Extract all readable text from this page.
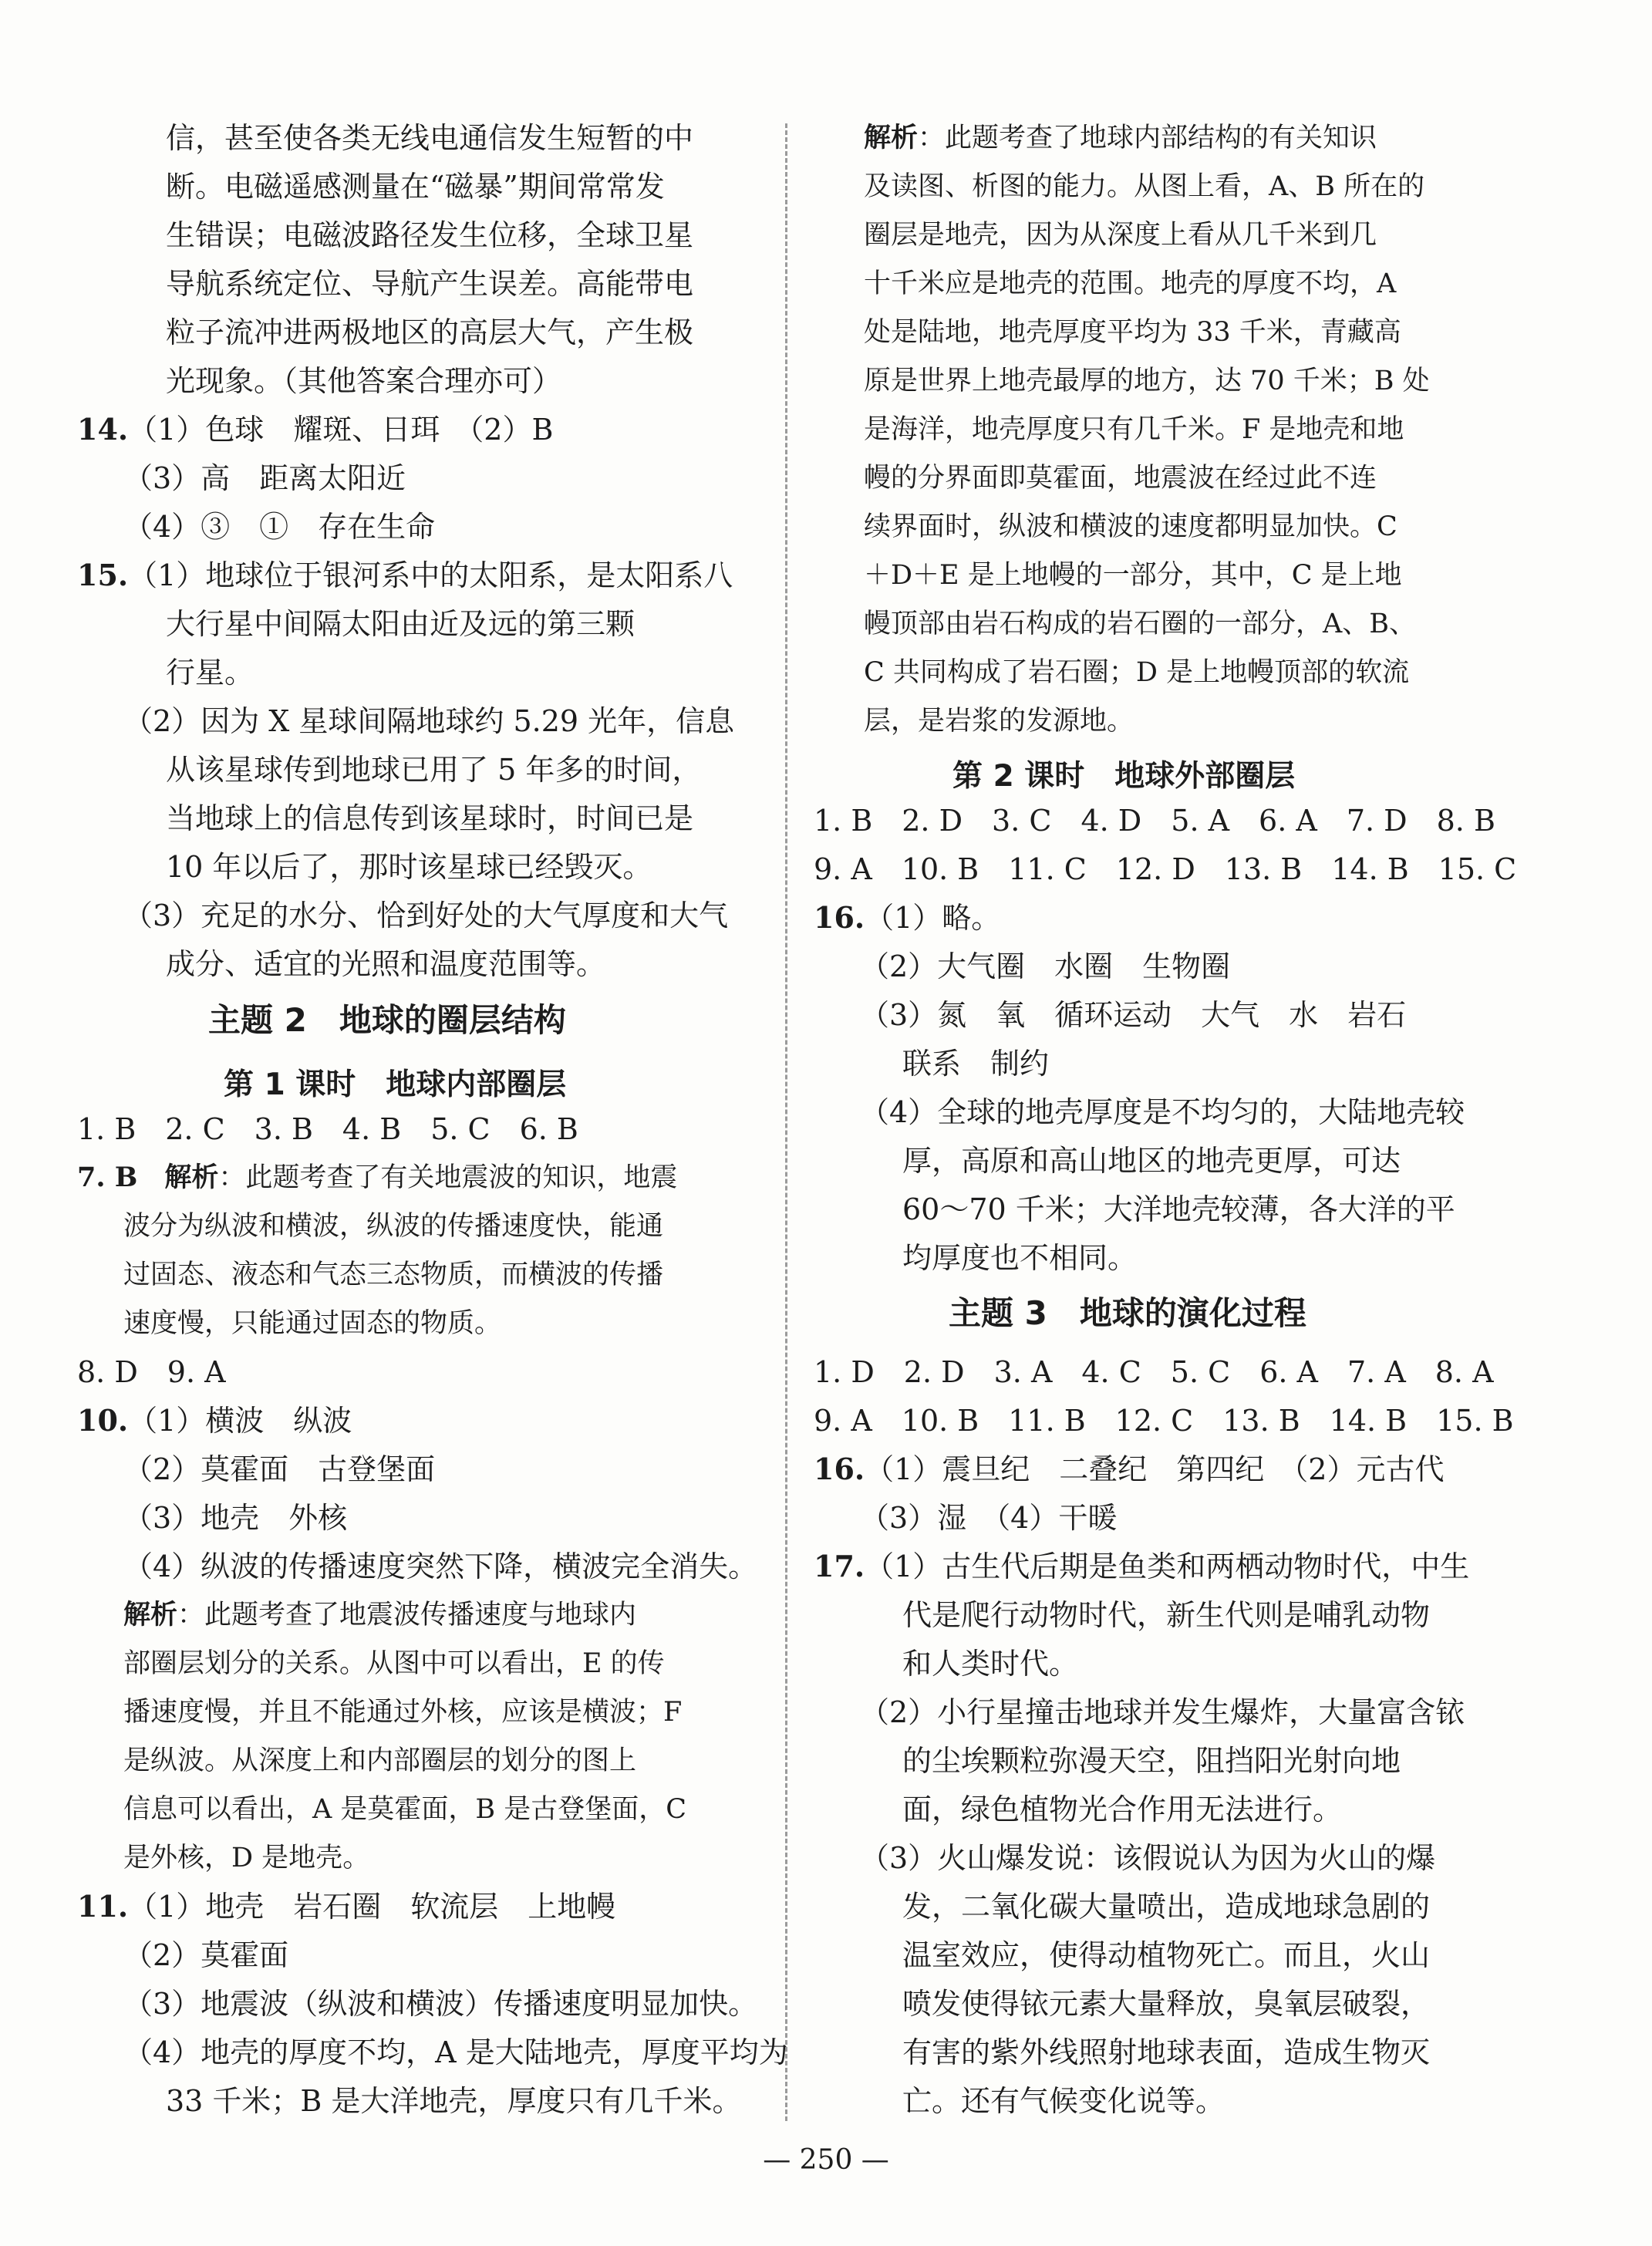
信，甚至使各类无线电通信发生短暂的中
断。电磁遥感测量在“磁暴”期间常常发
生错误；电磁波路径发生位移，全球卫星
导航系统定位、导航产生误差。高能带电
粒子流冲进两极地区的高层大气，产生极
光现象。（其他答案合理亦可）
14.（1）色球　耀斑、日珥　（2）B
（3）高　距离太阳近
（4）③　①　存在生命
15.（1）地球位于银河系中的太阳系，是太阳系八
大行星中间隔太阳由近及远的第三颗
行星。
（2）因为 X 星球间隔地球约 5.29 光年，信息
从该星球传到地球已用了 5 年多的时间，
当地球上的信息传到该星球时，时间已是
10 年以后了，那时该星球已经毁灭。
（3）充足的水分、恰到好处的大气厚度和大气
成分、适宜的光照和温度范围等。
主题 2　地球的圈层结构
第 1 课时　地球内部圈层
1. B　2. C　3. B　4. B　5. C　6. B
7. B　 解析：此题考查了有关地震波的知识，地震
波分为纵波和横波，纵波的传播速度快，能通
过固态、液态和气态三态物质，而横波的传播
速度慢，只能通过固态的物质。
8. D　9. A
10.（1）横波　纵波
（2）莫霍面　古登堡面
（3）地壳　外核
（4）纵波的传播速度突然下降，横波完全消失。
解析：此题考查了地震波传播速度与地球内
部圈层划分的关系。从图中可以看出，E 的传
播速度慢，并且不能通过外核，应该是横波；F
是纵波。从深度上和内部圈层的划分的图上
信息可以看出，A 是莫霍面，B 是古登堡面，C
是外核，D 是地壳。
11.（1）地壳　岩石圈　软流层　上地幔
（2）莫霍面
（3）地震波（纵波和横波）传播速度明显加快。
（4）地壳的厚度不均，A 是大陆地壳，厚度平均为
33 千米；B 是大洋地壳，厚度只有几千米。
解析：此题考查了地球内部结构的有关知识
及读图、析图的能力。从图上看，A、B 所在的
圈层是地壳，因为从深度上看从几千米到几
十千米应是地壳的范围。地壳的厚度不均，A
处是陆地，地壳厚度平均为 33 千米，青藏高
原是世界上地壳最厚的地方，达 70 千米；B 处
是海洋，地壳厚度只有几千米。F 是地壳和地
幔的分界面即莫霍面，地震波在经过此不连
续界面时，纵波和横波的速度都明显加快。C
＋D＋E 是上地幔的一部分，其中，C 是上地
幔顶部由岩石构成的岩石圈的一部分，A、B、
C 共同构成了岩石圈；D 是上地幔顶部的软流
层，是岩浆的发源地。
第 2 课时　地球外部圈层
1. B　2. D　3. C　4. D　5. A　6. A　7. D　8. B
9. A　10. B　11. C　12. D　13. B　14. B　15. C
16.（1）略。
（2）大气圈　水圈　生物圈
（3）氮　氧　循环运动　大气　水　岩石
联系　制约
（4）全球的地壳厚度是不均匀的，大陆地壳较
厚，高原和高山地区的地壳更厚，可达
60～70 千米；大洋地壳较薄，各大洋的平
均厚度也不相同。
主题 3　地球的演化过程
1. D　2. D　3. A　4. C　5. C　6. A　7. A　8. A
9. A　10. B　11. B　12. C　13. B　14. B　15. B
16.（1）震旦纪　二叠纪　第四纪　（2）元古代
（3）湿　（4）干暖
17.（1）古生代后期是鱼类和两栖动物时代，中生
代是爬行动物时代，新生代则是哺乳动物
和人类时代。
（2）小行星撞击地球并发生爆炸，大量富含铱
的尘埃颗粒弥漫天空，阻挡阳光射向地
面，绿色植物光合作用无法进行。
（3）火山爆发说：该假说认为因为火山的爆
发，二氧化碳大量喷出，造成地球急剧的
温室效应，使得动植物死亡。而且，火山
喷发使得铱元素大量释放，臭氧层破裂，
有害的紫外线照射地球表面，造成生物灭
亡。还有气候变化说等。
— 250 —
